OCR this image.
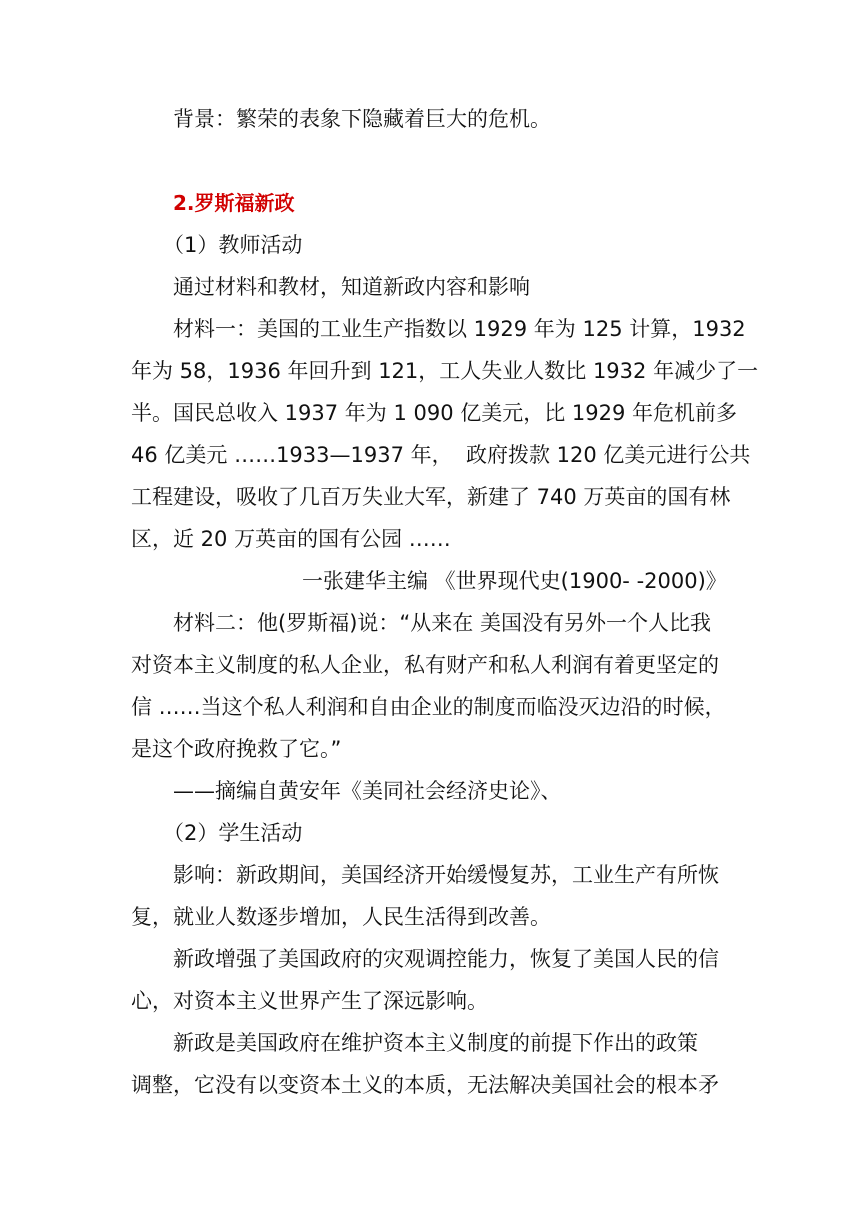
背景：繁荣的表象下隐藏着巨大的危机。
2.罗斯福新政
（1）教师活动
通过材料和教材，知道新政内容和影响
材料一：美国的工业生产指数以 1929 年为 125 计算，1932
年为 58，1936 年回升到 121，工人失业人数比 1932 年减少了一
半。国民总收入 1937 年为 1 090 亿美元，比 1929 年危机前多
46 亿美元 ……1933—1937 年，  政府拨款 120 亿美元进行公共
工程建设，吸收了几百万失业大军，新建了 740 万英亩的国有林
区，近 20 万英亩的国有公园 ……
一张建华主编 《世界现代史(1900- -2000)》
材料二：他(罗斯福)说：“从来在 美国没有另外一个人比我
对资本主义制度的私人企业，私有财产和私人利润有着更坚定的
信 ……当这个私人利润和自由企业的制度而临没灭边沿的时候，
是这个政府挽救了它。”
——摘编自黄安年《美同社会经济史论》、
（2）学生活动
影响：新政期间，美国经济开始缓慢复苏，工业生产有所恢
复，就业人数逐步增加，人民生活得到改善。
新政增强了美国政府的灾观调控能力，恢复了美国人民的信
心，对资本主义世界产生了深远影响。
新政是美国政府在维护资本主义制度的前提下作出的政策
调整，它没有以变资本土义的本质，无法解决美国社会的根本矛
